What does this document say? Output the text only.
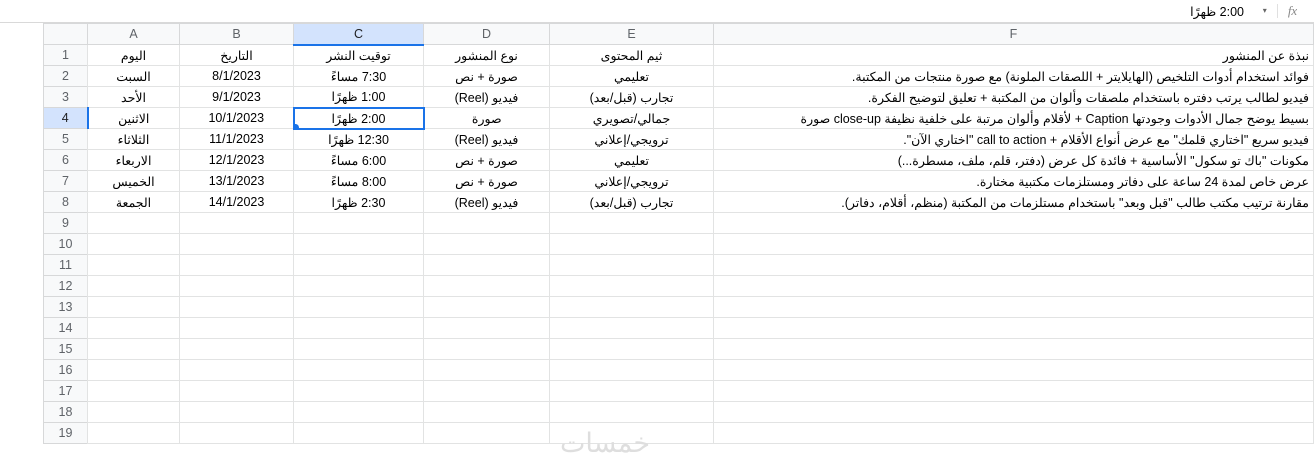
▾ fx
2:00 ظهرًا
F	E	D	C	B	A	
نبذة عن المنشور	ثيم المحتوى	نوع المنشور	توقيت النشر	التاريخ	اليوم	1
فوائد استخدام أدوات التلخيص (الهايلايتر + اللصقات الملونة) مع صورة منتجات من المكتبة.	تعليمي	صورة + نص	7:30 مساءً	8/1/2023	السبت	2
فيديو لطالب يرتب دفتره باستخدام ملصقات وألوان من المكتبة + تعليق لتوضيح الفكرة.	تجارب (قبل/بعد)	فيديو (Reel)	1:00 ظهرًا	9/1/2023	الأحد	3
بسيط يوضح جمال الأدوات وجودتها Caption + لأقلام وألوان مرتبة على خلفية نظيفة close-up صورة	جمالي/تصويري	صورة	2:00 ظهرًا	10/1/2023	الاثنين	4
فيديو سريع "اختاري قلمك" مع عرض أنواع الأقلام + call to action "اختاري الآن".	ترويجي/إعلاني	فيديو (Reel)	12:30 ظهرًا	11/1/2023	الثلاثاء	5
مكونات "باك تو سكول" الأساسية + فائدة كل عرض (دفتر، قلم، ملف، مسطرة...)	تعليمي	صورة + نص	6:00 مساءً	12/1/2023	الاربعاء	6
عرض خاص لمدة 24 ساعة على دفاتر ومستلزمات مكتبية مختارة.	ترويجي/إعلاني	صورة + نص	8:00 مساءً	13/1/2023	الخميس	7
مقارنة ترتيب مكتب طالب "قبل وبعد" باستخدام مستلزمات من المكتبة (منظم، أقلام، دفاتر).	تجارب (قبل/بعد)	فيديو (Reel)	2:30 ظهرًا	14/1/2023	الجمعة	8
						9
						10
						11
						12
						13
						14
						15
						16
						17
						18
						19	خمسات
